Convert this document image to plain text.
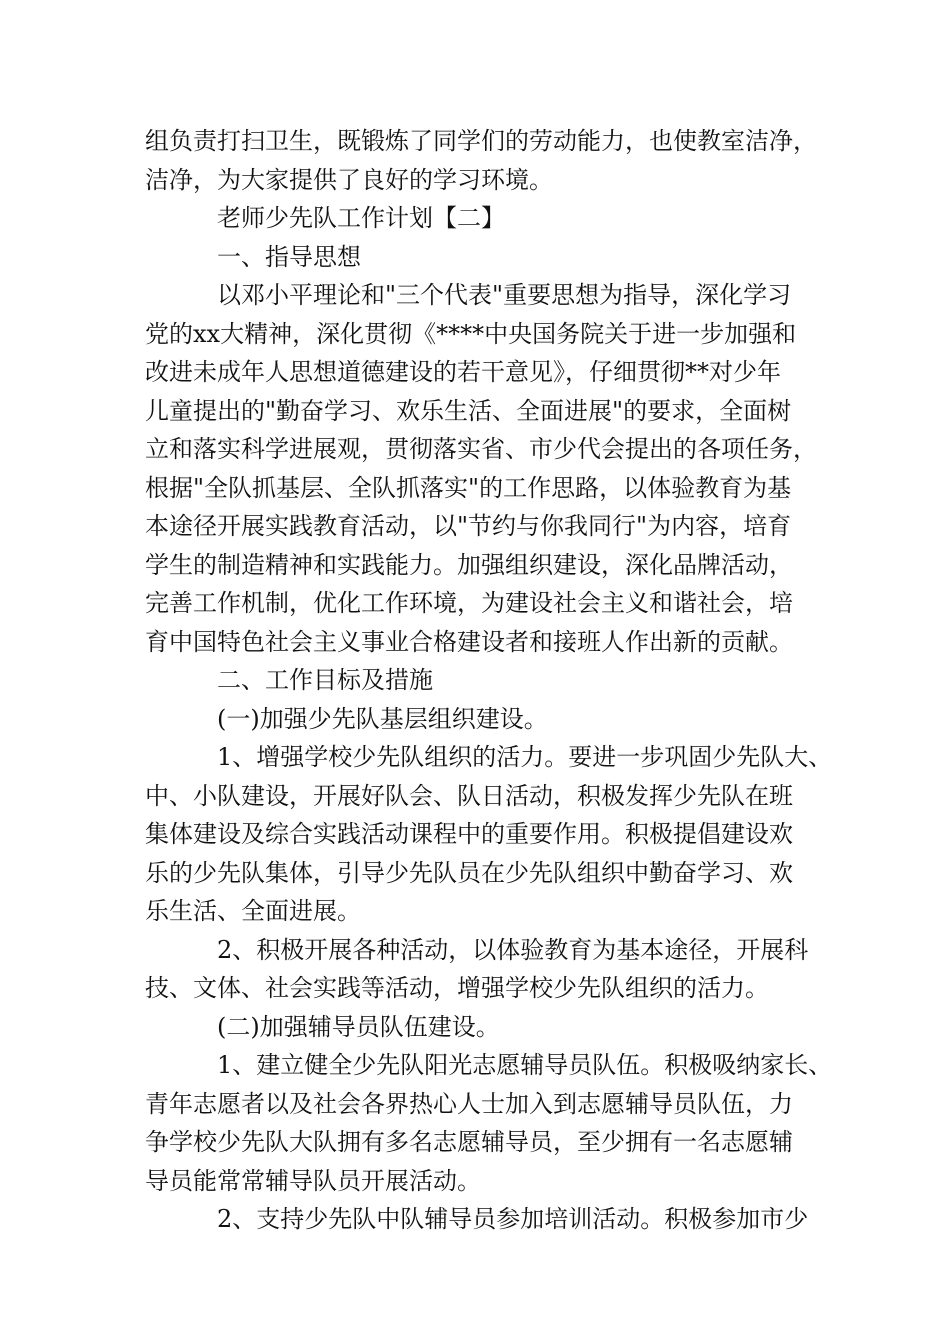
组负责打扫卫生，既锻炼了同学们的劳动能力，也使教室洁净，
洁净，为大家提供了良好的学习环境。
老师少先队工作计划【二】
一、指导思想
以邓小平理论和"三个代表"重要思想为指导，深化学习
党的xx大精神，深化贯彻《****中央国务院关于进一步加强和
改进未成年人思想道德建设的若干意见》，仔细贯彻**对少年
儿童提出的"勤奋学习、欢乐生活、全面进展"的要求，全面树
立和落实科学进展观，贯彻落实省、市少代会提出的各项任务，
根据"全队抓基层、全队抓落实"的工作思路，以体验教育为基
本途径开展实践教育活动，以"节约与你我同行"为内容，培育
学生的制造精神和实践能力。加强组织建设，深化品牌活动，
完善工作机制，优化工作环境，为建设社会主义和谐社会，培
育中国特色社会主义事业合格建设者和接班人作出新的贡献。
二、工作目标及措施
(一)加强少先队基层组织建设。
1、增强学校少先队组织的活力。要进一步巩固少先队大、
中、小队建设，开展好队会、队日活动，积极发挥少先队在班
集体建设及综合实践活动课程中的重要作用。积极提倡建设欢
乐的少先队集体，引导少先队员在少先队组织中勤奋学习、欢
乐生活、全面进展。
2、积极开展各种活动，以体验教育为基本途径，开展科
技、文体、社会实践等活动，增强学校少先队组织的活力。
(二)加强辅导员队伍建设。
1、建立健全少先队阳光志愿辅导员队伍。积极吸纳家长、
青年志愿者以及社会各界热心人士加入到志愿辅导员队伍，力
争学校少先队大队拥有多名志愿辅导员，至少拥有一名志愿辅
导员能常常辅导队员开展活动。
2、支持少先队中队辅导员参加培训活动。积极参加市少
